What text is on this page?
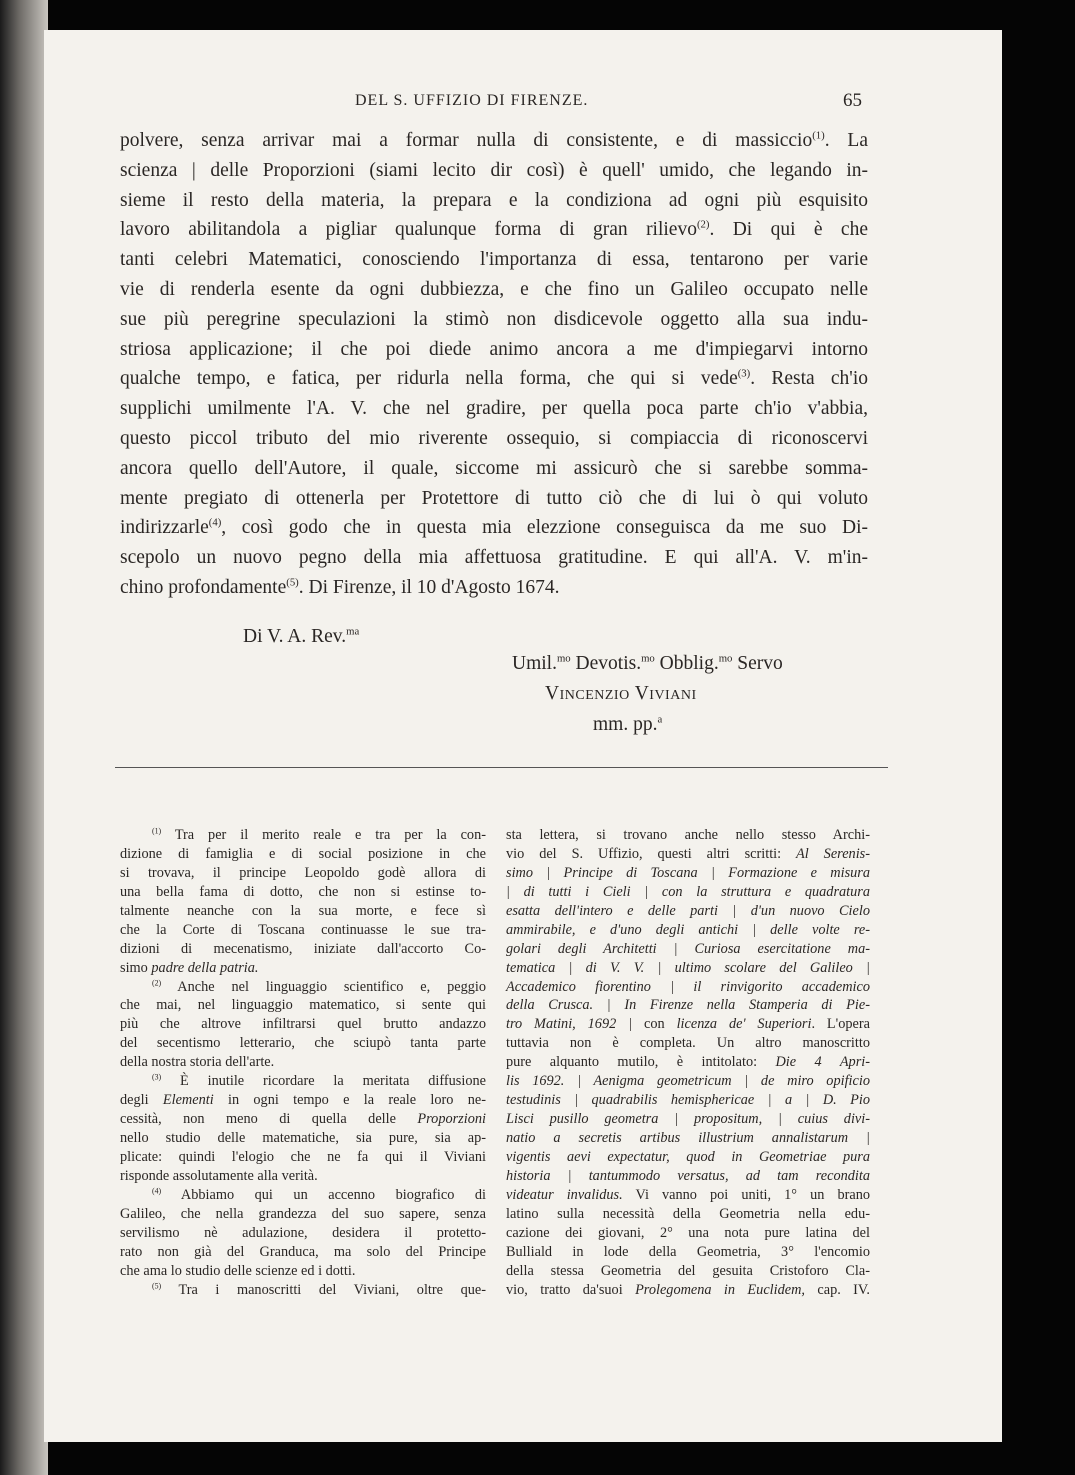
DEL S. UFFIZIO DI FIRENZE.	65
polvere, senza arrivar mai a formar nulla di consistente, e di massiccio$^{(1)}$. La
scienza | delle Proporzioni (siami lecito dir così) è quell' umido, che legando in-
sieme il resto della materia, la prepara e la condiziona ad ogni più esquisito
lavoro abilitandola a pigliar qualunque forma di gran rilievo$^{(2)}$. Di qui è che
tanti celebri Matematici, conosciendo l'importanza di essa, tentarono per varie
vie di renderla esente da ogni dubbiezza, e che fino un Galileo occupato nelle
sue più peregrine speculazioni la stimò non disdicevole oggetto alla sua indu-
striosa applicazione; il che poi diede animo ancora a me d'impiegarvi intorno
qualche tempo, e fatica, per ridurla nella forma, che qui si vede$^{(3)}$. Resta ch'io
supplichi umilmente l'A. V. che nel gradire, per quella poca parte ch'io v'abbia,
questo piccol tributo del mio riverente ossequio, si compiaccia di riconoscervi
ancora quello dell'Autore, il quale, siccome mi assicurò che si sarebbe somma-
mente pregiato di ottenerla per Protettore di tutto ciò che di lui ò qui voluto
indirizzarle$^{(4)}$, così godo che in questa mia elezzione conseguisca da me suo Di-
scepolo un nuovo pegno della mia affettuosa gratitudine. E qui all'A. V. m'in-
chino profondamente$^{(5)}$. Di Firenze, il 10 d'Agosto 1674.
Di V. A. Rev.$^{ma}$
Umil.$^{mo}$ Devotis.$^{mo}$ Obblig.$^{mo}$ Servo
Vincenzio Viviani
mm. pp.$^a$
$^{(1)}$ Tra per il merito reale e tra per la con-
dizione di famiglia e di social posizione in che
si trovava, il principe Leopoldo godè allora di
una bella fama di dotto, che non si estinse to-
talmente neanche con la sua morte, e fece sì
che la Corte di Toscana continuasse le sue tra-
dizioni di mecenatismo, iniziate dall'accorto Co-
simo padre della patria.
$^{(2)}$ Anche nel linguaggio scientifico e, peggio
che mai, nel linguaggio matematico, si sente qui
più che altrove infiltrarsi quel brutto andazzo
del secentismo letterario, che sciupò tanta parte
della nostra storia dell'arte.
$^{(3)}$ È inutile ricordare la meritata diffusione
degli Elementi in ogni tempo e la reale loro ne-
cessità, non meno di quella delle Proporzioni
nello studio delle matematiche, sia pure, sia ap-
plicate: quindi l'elogio che ne fa qui il Viviani
risponde assolutamente alla verità.
$^{(4)}$ Abbiamo qui un accenno biografico di
Galileo, che nella grandezza del suo sapere, senza
servilismo nè adulazione, desidera il protetto-
rato non già del Granduca, ma solo del Principe
che ama lo studio delle scienze ed i dotti.
$^{(5)}$ Tra i manoscritti del Viviani, oltre que-
sta lettera, si trovano anche nello stesso Archi-
vio del S. Uffizio, questi altri scritti: Al Serenis-
simo | Principe di Toscana | Formazione e misura
| di tutti i Cieli | con la struttura e quadratura
esatta dell'intero e delle parti | d'un nuovo Cielo
ammirabile, e d'uno degli antichi | delle volte re-
golari degli Architetti | Curiosa esercitatione ma-
tematica | di V. V. | ultimo scolare del Galileo |
Accademico fiorentino | il rinvigorito accademico
della Crusca. | In Firenze nella Stamperia di Pie-
tro Matini, 1692 | con licenza de' Superiori. L'opera
tuttavia non è completa. Un altro manoscritto
pure alquanto mutilo, è intitolato: Die 4 Apri-
lis 1692. | Aenigma geometricum | de miro opificio
testudinis | quadrabilis hemisphericae | a | D. Pio
Lisci pusillo geometra | propositum, | cuius divi-
natio a secretis artibus illustrium annalistarum |
vigentis aevi expectatur, quod in Geometriae pura
historia | tantummodo versatus, ad tam recondita
videatur invalidus. Vi vanno poi uniti, 1° un brano
latino sulla necessità della Geometria nella edu-
cazione dei giovani, 2° una nota pure latina del
Bulliald in lode della Geometria, 3° l'encomio
della stessa Geometria del gesuita Cristoforo Cla-
vio, tratto da'suoi Prolegomena in Euclidem, cap. IV.
